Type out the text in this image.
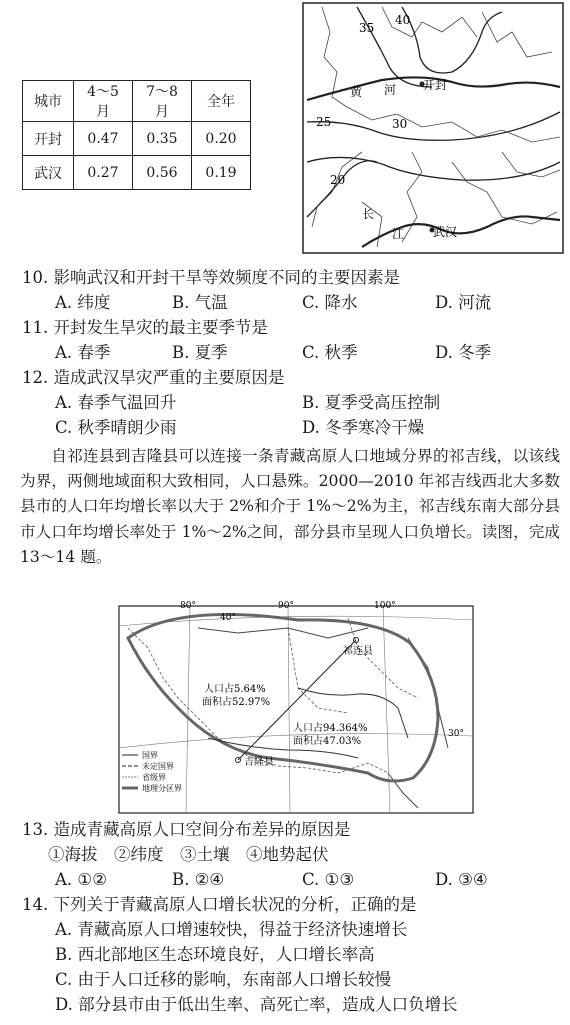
城市	4～5 月	7～8 月	全年
开封	0.47	0.35	0.20
武汉	0.27	0.56	0.19
35
40
25	30
20
黄 河
长
江
开封
武汉
10. 影响武汉和开封干旱等效频度不同的主要因素是
A. 纬度	B. 气温	C. 降水	D. 河流
11. 开封发生旱灾的最主要季节是
A. 春季	B. 夏季	C. 秋季	D. 冬季
12. 造成武汉旱灾严重的主要原因是
A. 春季气温回升	B. 夏季受高压控制
C. 秋季晴朗少雨	D. 冬季寒冷干燥
自祁连县到吉隆县可以连接一条青藏高原人口地域分界的祁吉线，以该线为界，两侧地域面积大致相同，人口悬殊。2000—2010 年祁吉线西北大多数县市的人口年均增长率以大于 2%和介于 1%～2%为主，祁吉线东南大部分县市人口年均增长率处于 1%～2%之间，部分县市呈现人口负增长。读图，完成 13～14 题。
80°	90°	100°
40°
30°
祁连县
吉隆县
人口占5.64%
面积占52.97%
人口占94.364%
面积占47.03%
国界
未定国界
省级界
地理分区界
13. 造成青藏高原人口空间分布差异的原因是
①海拔　②纬度　③土壤　④地势起伏
A. ①②	B. ②④	C. ①③	D. ③④
14. 下列关于青藏高原人口增长状况的分析，正确的是
A. 青藏高原人口增速较快，得益于经济快速增长
B. 西北部地区生态环境良好，人口增长率高
C. 由于人口迁移的影响，东南部人口增长较慢
D. 部分县市由于低出生率、高死亡率，造成人口负增长
